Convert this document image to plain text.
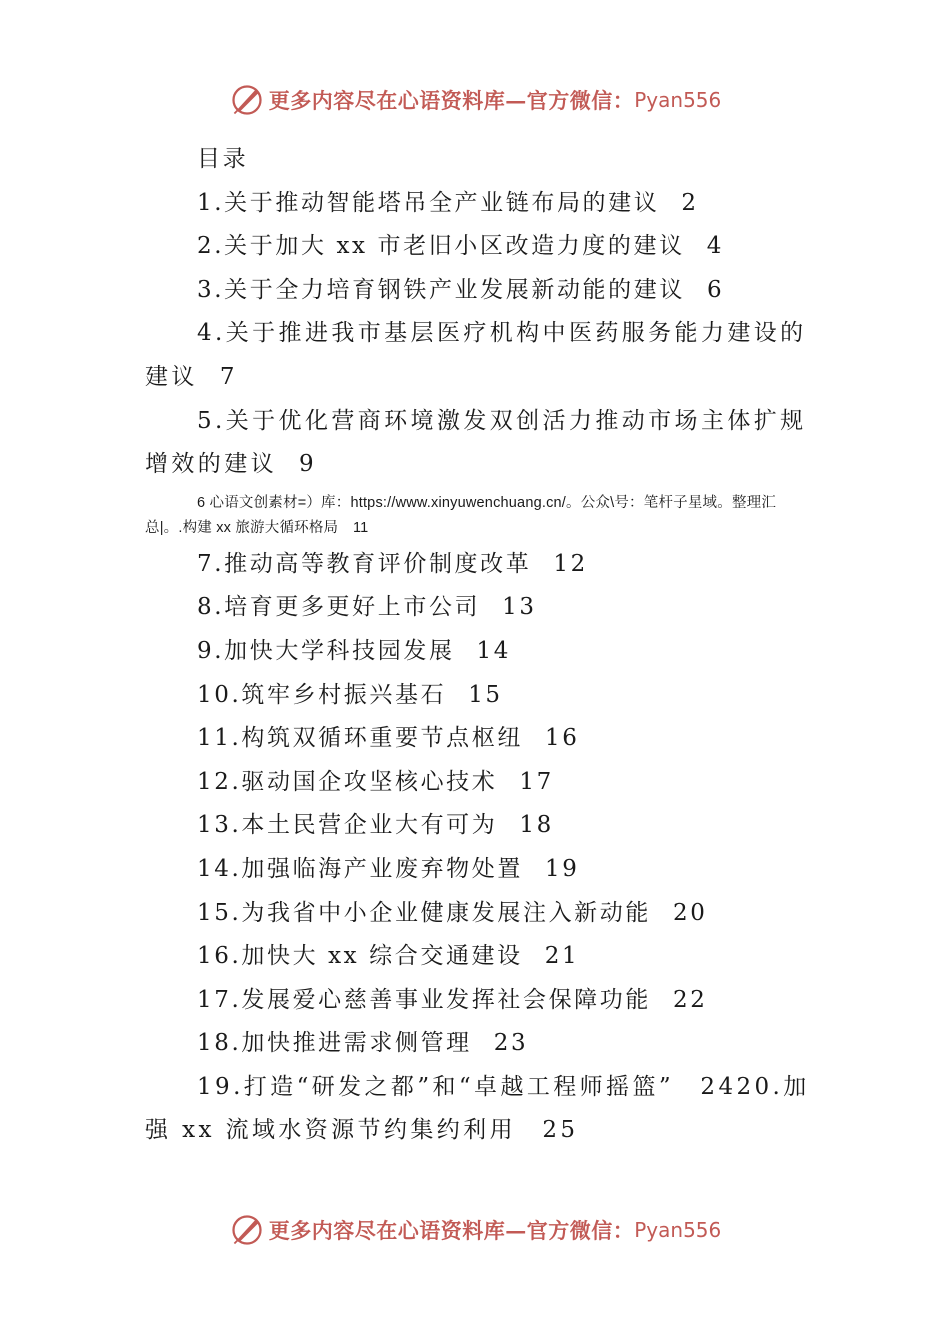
更多内容尽在心语资料库—官方微信： Pyan556
目录
1.关于推动智能塔吊全产业链布局的建议 2
2.关于加大 xx 市老旧小区改造力度的建议 4
3.关于全力培育钢铁产业发展新动能的建议 6
4.关于推进我市基层医疗机构中医药服务能力建设的建议 7
5.关于优化营商环境激发双创活力推动市场主体扩规增效的建议 9
6 心语文创素材=）库：https://www.xinyuwenchuang.cn/。公众\号：笔杆子星域。整理汇总|。.构建 xx 旅游大循环格局　11
7.推动高等教育评价制度改革 12
8.培育更多更好上市公司 13
9.加快大学科技园发展 14
10.筑牢乡村振兴基石 15
11.构筑双循环重要节点枢纽 16
12.驱动国企攻坚核心技术 17
13.本土民营企业大有可为 18
14.加强临海产业废弃物处置 19
15.为我省中小企业健康发展注入新动能 20
16.加快大 xx 综合交通建设 21
17.发展爱心慈善事业发挥社会保障功能 22
18.加快推进需求侧管理 23
19.打造“研发之都”和“卓越工程师摇篮”　2420.加强 xx 流域水资源节约集约利用　25
更多内容尽在心语资料库—官方微信： Pyan556
